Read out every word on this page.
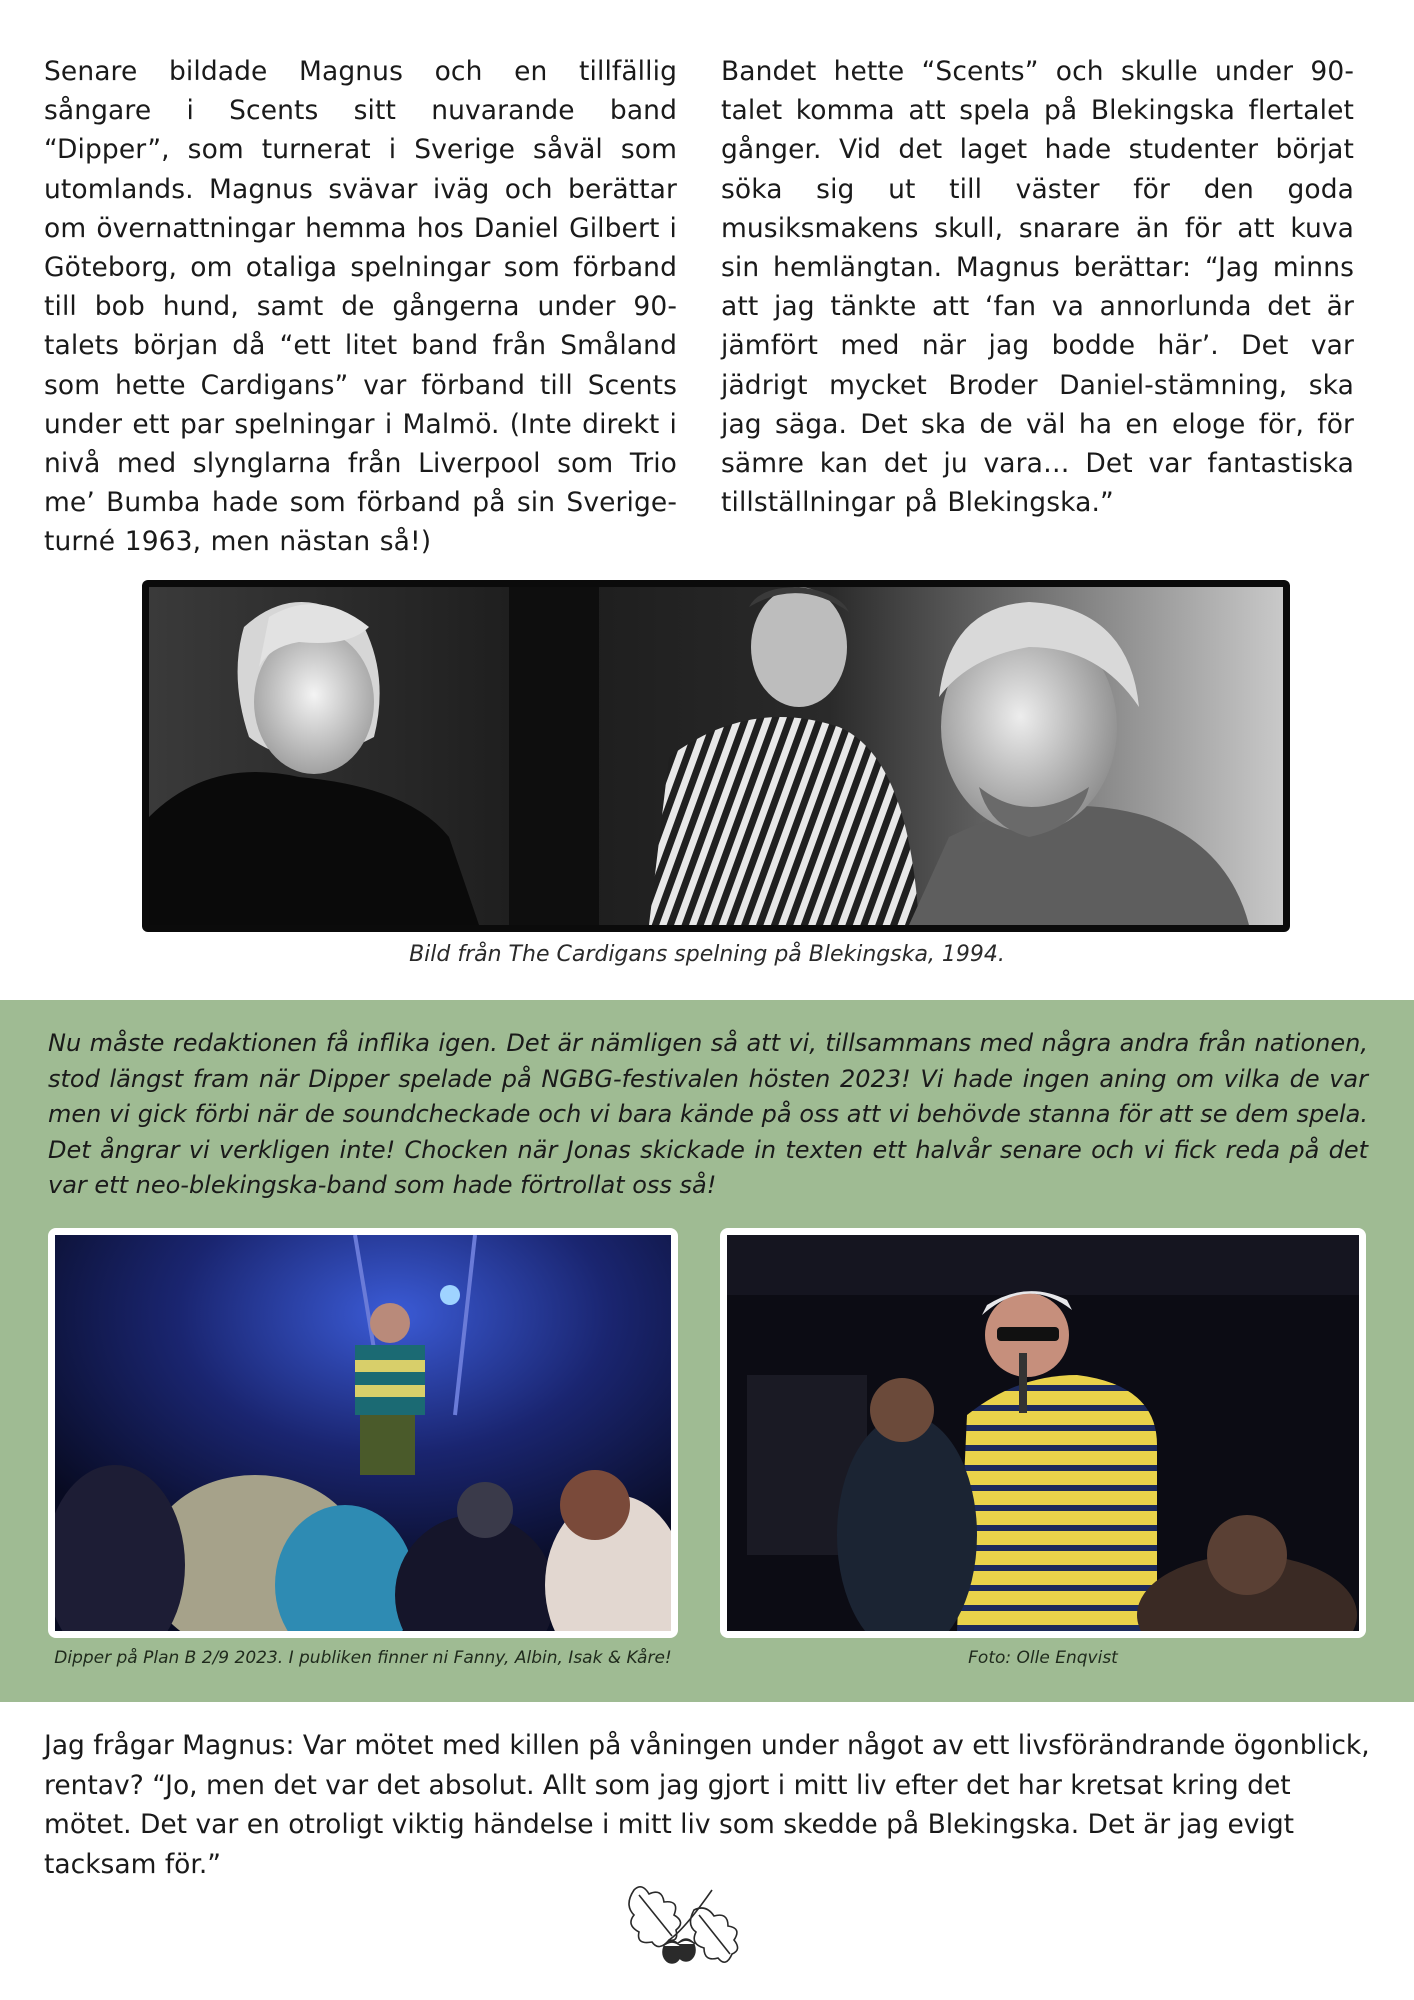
Senare bildade Magnus och en tillfällig sångare i Scents sitt nuvarande band “Dipper”, som turnerat i Sverige såväl som utomlands. Magnus svävar iväg och berättar om övernattningar hemma hos Daniel Gilbert i Göteborg, om otaliga spelningar som förband till bob hund, samt de gångerna under 90-talets början då “ett litet band från Småland som hette Cardigans” var förband till Scents under ett par spelningar i Malmö. (Inte direkt i nivå med slynglarna från Liverpool som Trio me’ Bumba hade som förband på sin Sverige-turné 1963, men nästan så!)
Bandet hette “Scents” och skulle under 90-talet komma att spela på Blekingska flertalet gånger. Vid det laget hade studenter börjat söka sig ut till väster för den goda musiksmakens skull, snarare än för att kuva sin hemlängtan. Magnus berättar: “Jag minns att jag tänkte att ‘fan va annorlunda det är jämfört med när jag bodde här’. Det var jädrigt mycket Broder Daniel-stämning, ska jag säga. Det ska de väl ha en eloge för, för sämre kan det ju vara… Det var fantastiska tillställningar på Blekingska.”
Bild från The Cardigans spelning på Blekingska, 1994.
Nu måste redaktionen få inflika igen. Det är nämligen så att vi, tillsammans med några andra från nationen, stod längst fram när Dipper spelade på NGBG-festivalen hösten 2023! Vi hade ingen aning om vilka de var men vi gick förbi när de soundcheckade och vi bara kände på oss att vi behövde stanna för att se dem spela. Det ångrar vi verkligen inte! Chocken när Jonas skickade in texten ett halvår senare och vi fick reda på det var ett neo-blekingska-band som hade förtrollat oss så!
Dipper på Plan B 2/9 2023. I publiken finner ni Fanny, Albin, Isak & Kåre!	Foto: Olle Enqvist
Jag frågar Magnus: Var mötet med killen på våningen under något av ett livsförändrande ögonblick, rentav? “Jo, men det var det absolut. Allt som jag gjort i mitt liv efter det har kretsat kring det mötet. Det var en otroligt viktig händelse i mitt liv som skedde på Blekingska. Det är jag evigt tacksam för.”
